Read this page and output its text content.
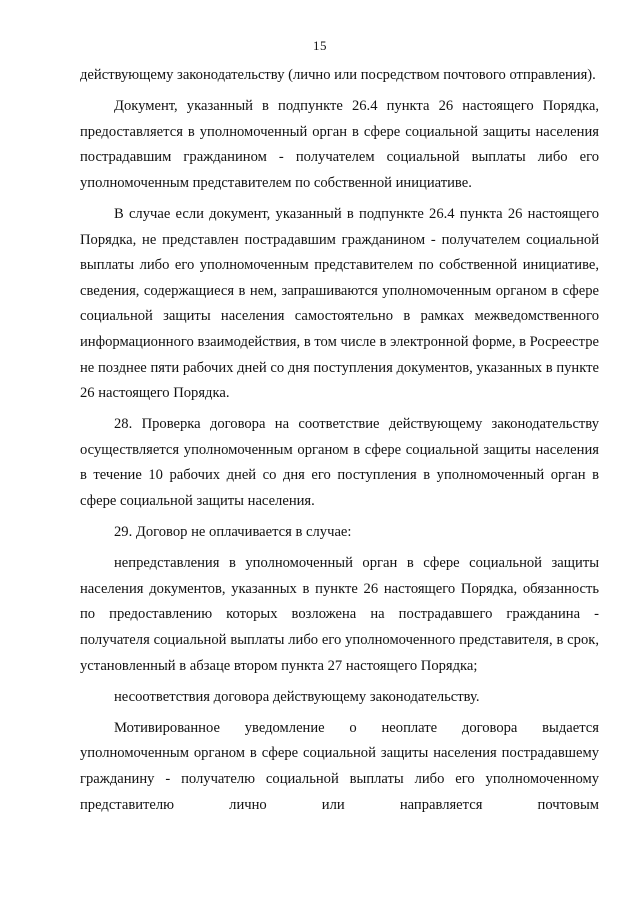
15

действующему законодательству (лично или посредством почтового отправления).

Документ, указанный в подпункте 26.4 пункта 26 настоящего Порядка, предоставляется в уполномоченный орган в сфере социальной защиты населения пострадавшим гражданином - получателем социальной выплаты либо его уполномоченным представителем по собственной инициативе.

В случае если документ, указанный в подпункте 26.4 пункта 26 настоящего Порядка, не представлен пострадавшим гражданином - получателем социальной выплаты либо его уполномоченным представителем по собственной инициативе, сведения, содержащиеся в нем, запрашиваются уполномоченным органом в сфере социальной защиты населения самостоятельно в рамках межведомственного информационного взаимодействия, в том числе в электронной форме, в Росреестре не позднее пяти рабочих дней со дня поступления документов, указанных в пункте 26 настоящего Порядка.

28. Проверка договора на соответствие действующему законодательству осуществляется уполномоченным органом в сфере социальной защиты населения в течение 10 рабочих дней со дня его поступления в уполномоченный орган в сфере социальной защиты населения.

29. Договор не оплачивается в случае:

непредставления в уполномоченный орган в сфере социальной защиты населения документов, указанных в пункте 26 настоящего Порядка, обязанность по предоставлению которых возложена на пострадавшего гражданина - получателя социальной выплаты либо его уполномоченного представителя, в срок, установленный в абзаце втором пункта 27 настоящего Порядка;

несоответствия договора действующему законодательству.

Мотивированное уведомление о неоплате договора выдается уполномоченным органом в сфере социальной защиты населения пострадавшему гражданину - получателю социальной выплаты либо его уполномоченному представителю лично или направляется почтовым
